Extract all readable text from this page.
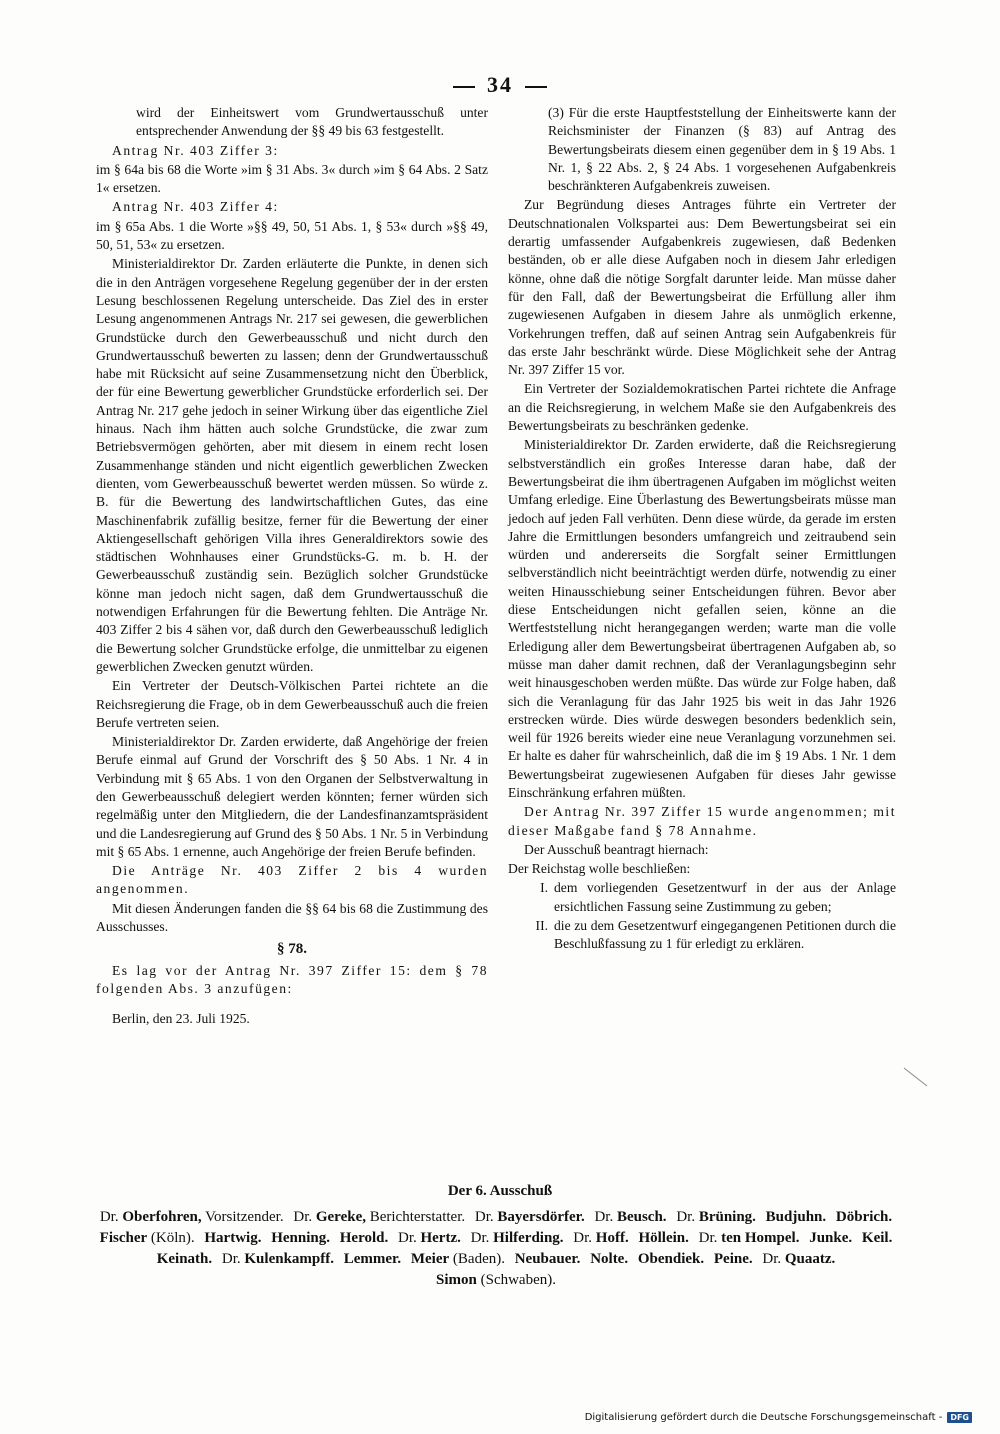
34

wird der Einheitswert vom Grundwertausschuß unter entsprechender Anwendung der §§ 49 bis 63 festgestellt.

Antrag Nr. 403 Ziffer 3:

im § 64a bis 68 die Worte »im § 31 Abs. 3« durch »im § 64 Abs. 2 Satz 1« ersetzen.

Antrag Nr. 403 Ziffer 4:

im § 65a Abs. 1 die Worte »§§ 49, 50, 51 Abs. 1, § 53« durch »§§ 49, 50, 51, 53« zu ersetzen.

Ministerialdirektor Dr. Zarden erläuterte die Punkte, in denen sich die in den Anträgen vorgesehene Regelung gegenüber der in der ersten Lesung beschlossenen Regelung unterscheide. Das Ziel des in erster Lesung angenommenen Antrags Nr. 217 sei gewesen, die gewerblichen Grundstücke durch den Gewerbeausschuß und nicht durch den Grundwertausschuß bewerten zu lassen; denn der Grundwertausschuß habe mit Rücksicht auf seine Zusammensetzung nicht den Überblick, der für eine Bewertung gewerblicher Grundstücke erforderlich sei. Der Antrag Nr. 217 gehe jedoch in seiner Wirkung über das eigentliche Ziel hinaus. Nach ihm hätten auch solche Grundstücke, die zwar zum Betriebsvermögen gehörten, aber mit diesem in einem recht losen Zusammenhange ständen und nicht eigentlich gewerblichen Zwecken dienten, vom Gewerbeausschuß bewertet werden müssen. So würde z. B. für die Bewertung des landwirtschaftlichen Gutes, das eine Maschinenfabrik zufällig besitze, ferner für die Bewertung der einer Aktiengesellschaft gehörigen Villa ihres Generaldirektors sowie des städtischen Wohnhauses einer Grundstücks-G. m. b. H. der Gewerbeausschuß zuständig sein. Bezüglich solcher Grundstücke könne man jedoch nicht sagen, daß dem Grundwertausschuß die notwendigen Erfahrungen für die Bewertung fehlten. Die Anträge Nr. 403 Ziffer 2 bis 4 sähen vor, daß durch den Gewerbeausschuß lediglich die Bewertung solcher Grundstücke erfolge, die unmittelbar zu eigenen gewerblichen Zwecken genutzt würden.

Ein Vertreter der Deutsch-Völkischen Partei richtete an die Reichsregierung die Frage, ob in dem Gewerbeausschuß auch die freien Berufe vertreten seien.

Ministerialdirektor Dr. Zarden erwiderte, daß Angehörige der freien Berufe einmal auf Grund der Vorschrift des § 50 Abs. 1 Nr. 4 in Verbindung mit § 65 Abs. 1 von den Organen der Selbstverwaltung in den Gewerbeausschuß delegiert werden könnten; ferner würden sich regelmäßig unter den Mitgliedern, die der Landesfinanzamtspräsident und die Landesregierung auf Grund des § 50 Abs. 1 Nr. 5 in Verbindung mit § 65 Abs. 1 ernenne, auch Angehörige der freien Berufe befinden.

Die Anträge Nr. 403 Ziffer 2 bis 4 wurden angenommen.

Mit diesen Änderungen fanden die §§ 64 bis 68 die Zustimmung des Ausschusses.

§ 78.

Es lag vor der Antrag Nr. 397 Ziffer 15: dem § 78 folgenden Abs. 3 anzufügen:

Berlin, den 23. Juli 1925.

(3) Für die erste Hauptfeststellung der Einheitswerte kann der Reichsminister der Finanzen (§ 83) auf Antrag des Bewertungsbeirats diesem einen gegenüber dem in § 19 Abs. 1 Nr. 1, § 22 Abs. 2, § 24 Abs. 1 vorgesehenen Aufgabenkreis beschränkteren Aufgabenkreis zuweisen.

Zur Begründung dieses Antrages führte ein Vertreter der Deutschnationalen Volkspartei aus: Dem Bewertungsbeirat sei ein derartig umfassender Aufgabenkreis zugewiesen, daß Bedenken beständen, ob er alle diese Aufgaben noch in diesem Jahr erledigen könne, ohne daß die nötige Sorgfalt darunter leide. Man müsse daher für den Fall, daß der Bewertungsbeirat die Erfüllung aller ihm zugewiesenen Aufgaben in diesem Jahre als unmöglich erkenne, Vorkehrungen treffen, daß auf seinen Antrag sein Aufgabenkreis für das erste Jahr beschränkt würde. Diese Möglichkeit sehe der Antrag Nr. 397 Ziffer 15 vor.

Ein Vertreter der Sozialdemokratischen Partei richtete die Anfrage an die Reichsregierung, in welchem Maße sie den Aufgabenkreis des Bewertungsbeirats zu beschränken gedenke.

Ministerialdirektor Dr. Zarden erwiderte, daß die Reichsregierung selbstverständlich ein großes Interesse daran habe, daß der Bewertungsbeirat die ihm übertragenen Aufgaben im möglichst weiten Umfang erledige. Eine Überlastung des Bewertungsbeirats müsse man jedoch auf jeden Fall verhüten. Denn diese würde, da gerade im ersten Jahre die Ermittlungen besonders umfangreich und zeitraubend sein würden und andererseits die Sorgfalt seiner Ermittlungen selbverständlich nicht beeinträchtigt werden dürfe, notwendig zu einer weiten Hinausschiebung seiner Entscheidungen führen. Bevor aber diese Entscheidungen nicht gefallen seien, könne an die Wertfeststellung nicht herangegangen werden; warte man die volle Erledigung aller dem Bewertungsbeirat übertragenen Aufgaben ab, so müsse man daher damit rechnen, daß der Veranlagungsbeginn sehr weit hinausgeschoben werden müßte. Das würde zur Folge haben, daß sich die Veranlagung für das Jahr 1925 bis weit in das Jahr 1926 erstrecken würde. Dies würde deswegen besonders bedenklich sein, weil für 1926 bereits wieder eine neue Veranlagung vorzunehmen sei. Er halte es daher für wahrscheinlich, daß die im § 19 Abs. 1 Nr. 1 dem Bewertungsbeirat zugewiesenen Aufgaben für dieses Jahr gewisse Einschränkung erfahren müßten.

Der Antrag Nr. 397 Ziffer 15 wurde angenommen; mit dieser Maßgabe fand § 78 Annahme.

Der Ausschuß beantragt hiernach:

Der Reichstag wolle beschließen:

I. dem vorliegenden Gesetzentwurf in der aus der Anlage ersichtlichen Fassung seine Zustimmung zu geben;
II. die zu dem Gesetzentwurf eingegangenen Petitionen durch die Beschlußfassung zu 1 für erledigt zu erklären.
Der 6. Ausschuß
Dr. Oberfohren, Vorsitzender. Dr. Gereke, Berichterstatter. Dr. Bayersdörfer. Dr. Beusch. Dr. Brüning. Budjuhn. Döbrich. Fischer (Köln). Hartwig. Henning. Herold. Dr. Hertz. Dr. Hilferding. Dr. Hoff. Höllein. Dr. ten Hompel. Junke. Keil. Keinath. Dr. Kulenkampff. Lemmer. Meier (Baden). Neubauer. Nolte. Obendiek. Peine. Dr. Quaatz. Simon (Schwaben).
Digitalisierung gefördert durch die Deutsche Forschungsgemeinschaft -	DFG
